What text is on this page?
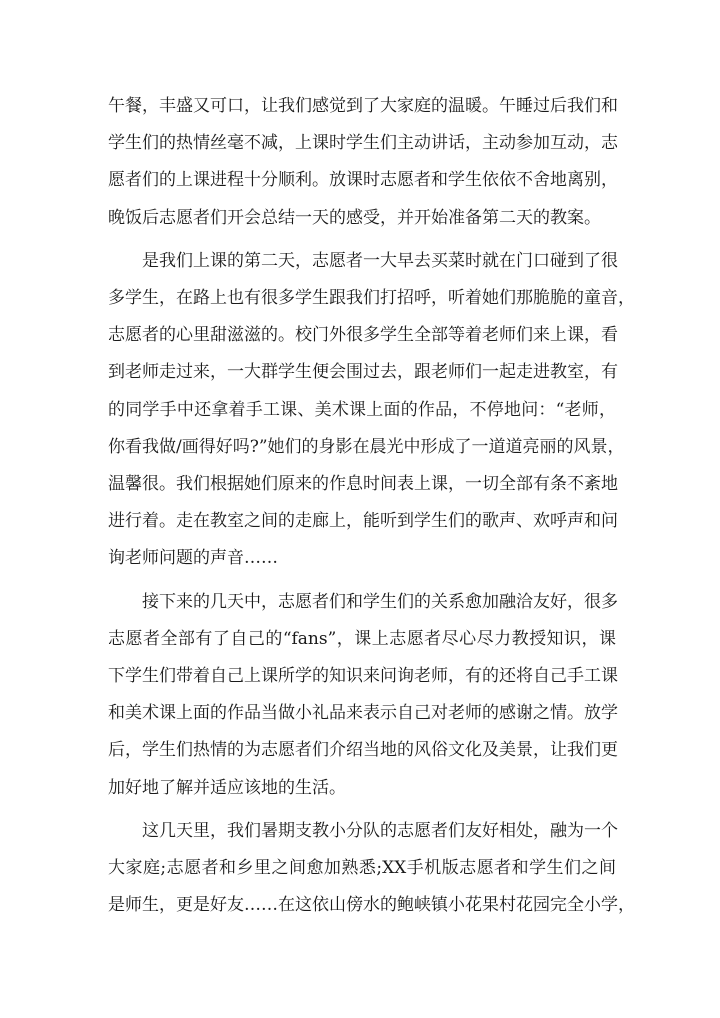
午餐，丰盛又可口，让我们感觉到了大家庭的温暖。午睡过后我们和
学生们的热情丝毫不减，上课时学生们主动讲话，主动参加互动，志
愿者们的上课进程十分顺利。放课时志愿者和学生依依不舍地离别，
晚饭后志愿者们开会总结一天的感受，并开始准备第二天的教案。

是我们上课的第二天，志愿者一大早去买菜时就在门口碰到了很
多学生，在路上也有很多学生跟我们打招呼，听着她们那脆脆的童音，
志愿者的心里甜滋滋的。校门外很多学生全部等着老师们来上课，看
到老师走过来，一大群学生便会围过去，跟老师们一起走进教室，有
的同学手中还拿着手工课、美术课上面的作品，不停地问：“老师，
你看我做/画得好吗?”她们的身影在晨光中形成了一道道亮丽的风景，
温馨很。我们根据她们原来的作息时间表上课，一切全部有条不紊地
进行着。走在教室之间的走廊上，能听到学生们的歌声、欢呼声和问
询老师问题的声音……

接下来的几天中，志愿者们和学生们的关系愈加融洽友好，很多
志愿者全部有了自己的“fans”，课上志愿者尽心尽力教授知识，课
下学生们带着自己上课所学的知识来问询老师，有的还将自己手工课
和美术课上面的作品当做小礼品来表示自己对老师的感谢之情。放学
后，学生们热情的为志愿者们介绍当地的风俗文化及美景，让我们更
加好地了解并适应该地的生活。

这几天里，我们暑期支教小分队的志愿者们友好相处，融为一个
大家庭;志愿者和乡里之间愈加熟悉;XX手机版志愿者和学生们之间
是师生，更是好友……在这依山傍水的鲍峡镇小花果村花园完全小学，
